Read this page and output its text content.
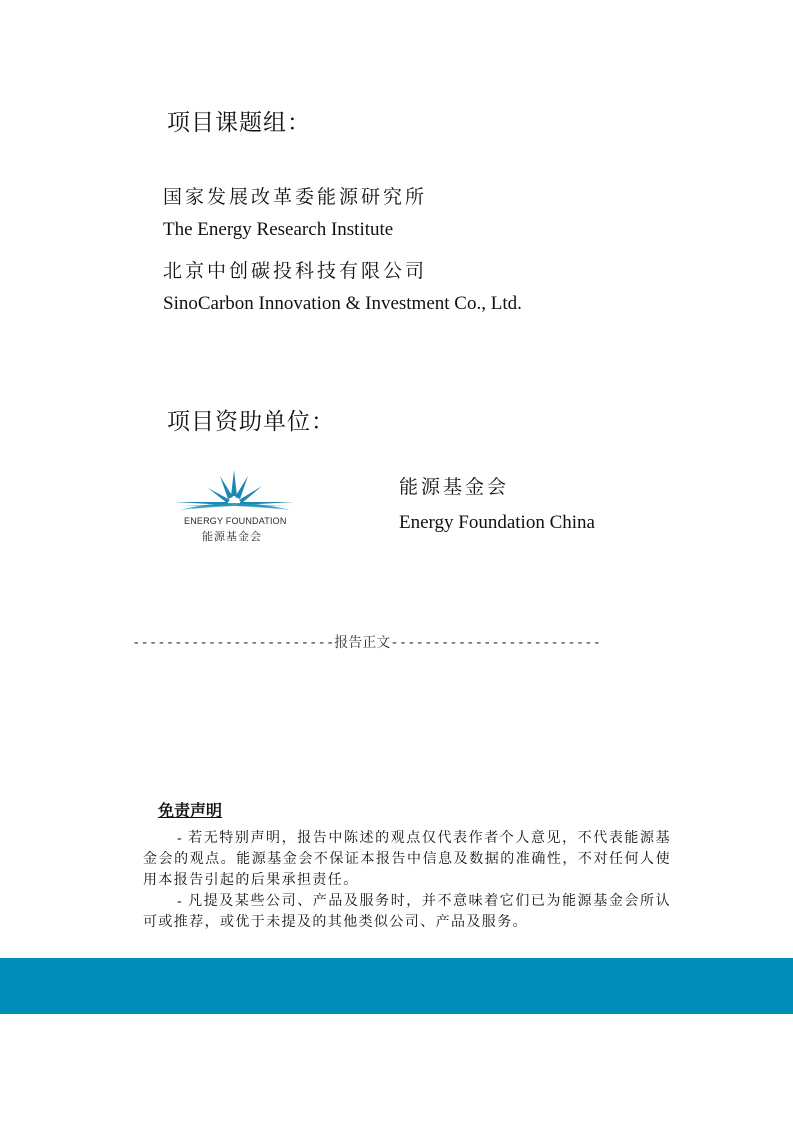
项目课题组：

国家发展改革委能源研究所

The Energy Research Institute

北京中创碳投科技有限公司

SinoCarbon Innovation & Investment Co., Ltd.

项目资助单位：
ENERGY FOUNDATION
能源基金会

能源基金会

Energy Foundation China

------------------------报告正文-------------------------
免责声明

- 若无特别声明，报告中陈述的观点仅代表作者个人意见，不代表能源基金会的观点。能源基金会不保证本报告中信息及数据的准确性，不对任何人使用本报告引起的后果承担责任。

- 凡提及某些公司、产品及服务时，并不意味着它们已为能源基金会所认可或推荐，或优于未提及的其他类似公司、产品及服务。
